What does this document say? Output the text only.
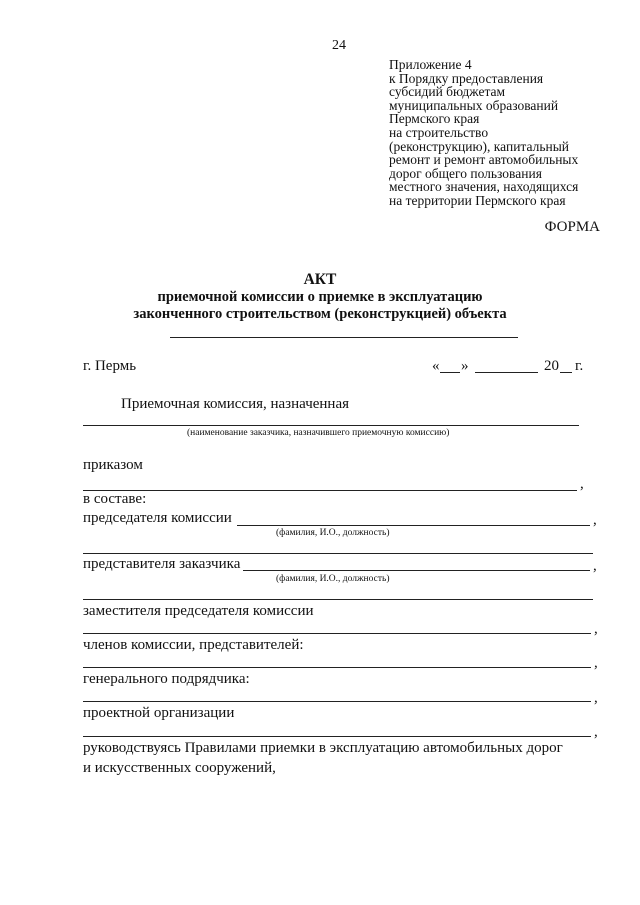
24
Приложение 4
к Порядку предоставления
субсидий бюджетам
муниципальных образований
Пермского края
на строительство
(реконструкцию), капитальный
ремонт и ремонт автомобильных
дорог общего пользования
местного значения, находящихся
на территории Пермского края
ФОРМА
АКТ
приемочной комиссии о приемке в эксплуатацию
законченного строительством (реконструкцией) объекта
г. Пермь	« »	20 г.
Приемочная комиссия, назначенная
(наименование заказчика, назначившего приемочную комиссию)
приказом
,
в составе:
председателя комиссии	,
(фамилия, И.О., должность)
представителя заказчика	,
(фамилия, И.О., должность)
заместителя председателя комиссии
,
членов комиссии, представителей:
,
генерального подрядчика:
,
проектной организации
,
руководствуясь Правилами приемки в эксплуатацию автомобильных дорог
и искусственных сооружений,
